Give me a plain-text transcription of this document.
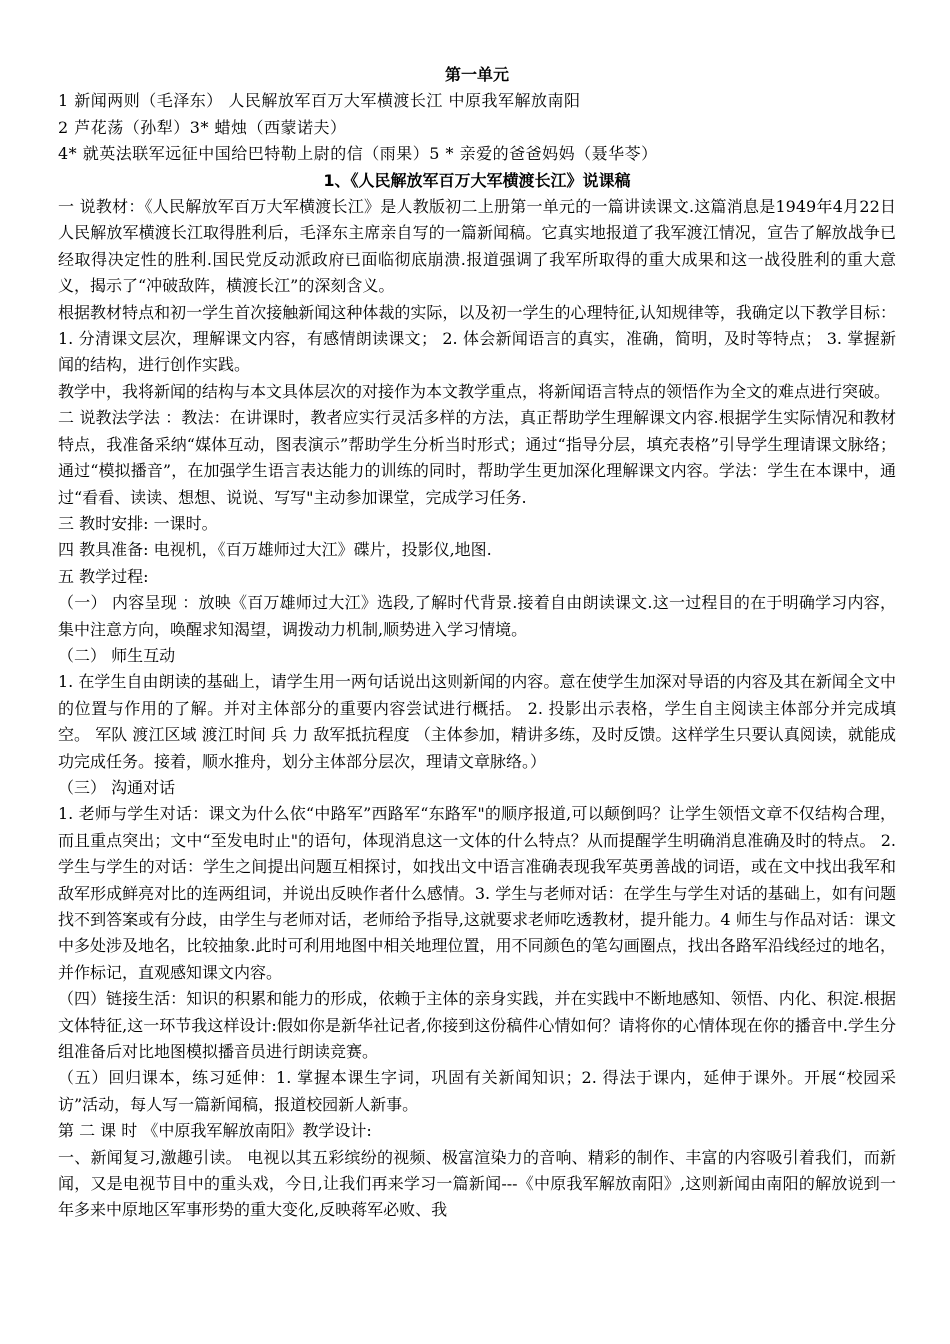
第一单元

1 新闻两则（毛泽东） 人民解放军百万大军横渡长江 中原我军解放南阳

2 芦花荡（孙犁）3* 蜡烛（西蒙诺夫）

4* 就英法联军远征中国给巴特勒上尉的信（雨果）5 * 亲爱的爸爸妈妈（聂华苓）

1、《人民解放军百万大军横渡长江》说课稿

一 说教材：《人民解放军百万大军横渡长江》是人教版初二上册第一单元的一篇讲读课文.这篇消息是1949年4月22日人民解放军横渡长江取得胜利后，毛泽东主席亲自写的一篇新闻稿。它真实地报道了我军渡江情况，宣告了解放战争已经取得决定性的胜利.国民党反动派政府已面临彻底崩溃.报道强调了我军所取得的重大成果和这一战役胜利的重大意义，揭示了“冲破敌阵，横渡长江”的深刻含义。

根据教材特点和初一学生首次接触新闻这种体裁的实际，以及初一学生的心理特征,认知规律等，我确定以下教学目标： 1. 分清课文层次，理解课文内容，有感情朗读课文； 2. 体会新闻语言的真实，准确，简明，及时等特点； 3. 掌握新闻的结构，进行创作实践。

教学中，我将新闻的结构与本文具体层次的对接作为本文教学重点，将新闻语言特点的领悟作为全文的难点进行突破。

二 说教法学法 ：教法：在讲课时，教者应实行灵活多样的方法，真正帮助学生理解课文内容.根据学生实际情况和教材特点，我准备采纳“媒体互动，图表演示”帮助学生分析当时形式；通过“指导分层，填充表格”引导学生理请课文脉络；通过“模拟播音”，在加强学生语言表达能力的训练的同时，帮助学生更加深化理解课文内容。学法：学生在本课中，通过“看看、读读、想想、说说、写写"主动参加课堂，完成学习任务.

三 教时安排: 一课时。

四 教具准备: 电视机，《百万雄师过大江》碟片，投影仪,地图.

五 教学过程:

（一） 内容呈现 ：放映《百万雄师过大江》选段,了解时代背景.接着自由朗读课文.这一过程目的在于明确学习内容，集中注意方向，唤醒求知渴望，调拨动力机制,顺势进入学习情境。

（二） 师生互动

1. 在学生自由朗读的基础上，请学生用一两句话说出这则新闻的内容。意在使学生加深对导语的内容及其在新闻全文中的位置与作用的了解。并对主体部分的重要内容尝试进行概括。 2. 投影出示表格，学生自主阅读主体部分并完成填空。 军队 渡江区域 渡江时间 兵 力 敌军抵抗程度 （主体参加，精讲多练，及时反馈。这样学生只要认真阅读，就能成功完成任务。接着，顺水推舟，划分主体部分层次，理请文章脉络。）

（三） 沟通对话

1. 老师与学生对话：课文为什么依“中路军”西路军“东路军"的顺序报道,可以颠倒吗？让学生领悟文章不仅结构合理，而且重点突出；文中“至发电时止"的语句，体现消息这一文体的什么特点？从而提醒学生明确消息准确及时的特点。 2. 学生与学生的对话：学生之间提出问题互相探讨，如找出文中语言准确表现我军英勇善战的词语，或在文中找出我军和敌军形成鲜亮对比的连两组词，并说出反映作者什么感情。3. 学生与老师对话：在学生与学生对话的基础上，如有问题找不到答案或有分歧，由学生与老师对话，老师给予指导,这就要求老师吃透教材，提升能力。4 师生与作品对话：课文中多处涉及地名，比较抽象.此时可利用地图中相关地理位置，用不同颜色的笔勾画圈点，找出各路军沿线经过的地名，并作标记，直观感知课文内容。

（四）链接生活：知识的积累和能力的形成，依赖于主体的亲身实践，并在实践中不断地感知、领悟、内化、积淀.根据文体特征,这一环节我这样设计:假如你是新华社记者,你接到这份稿件心情如何？请将你的心情体现在你的播音中.学生分组准备后对比地图模拟播音员进行朗读竞赛。

（五）回归课本，练习延伸：1. 掌握本课生字词，巩固有关新闻知识；2. 得法于课内，延伸于课外。开展“校园采访”活动，每人写一篇新闻稿，报道校园新人新事。

第 二 课 时 《中原我军解放南阳》教学设计:

一、新闻复习,激趣引读。 电视以其五彩缤纷的视频、极富渲染力的音响、精彩的制作、丰富的内容吸引着我们，而新闻，又是电视节目中的重头戏，今日,让我们再来学习一篇新闻---《中原我军解放南阳》,这则新闻由南阳的解放说到一年多来中原地区军事形势的重大变化,反映蒋军必败、我
